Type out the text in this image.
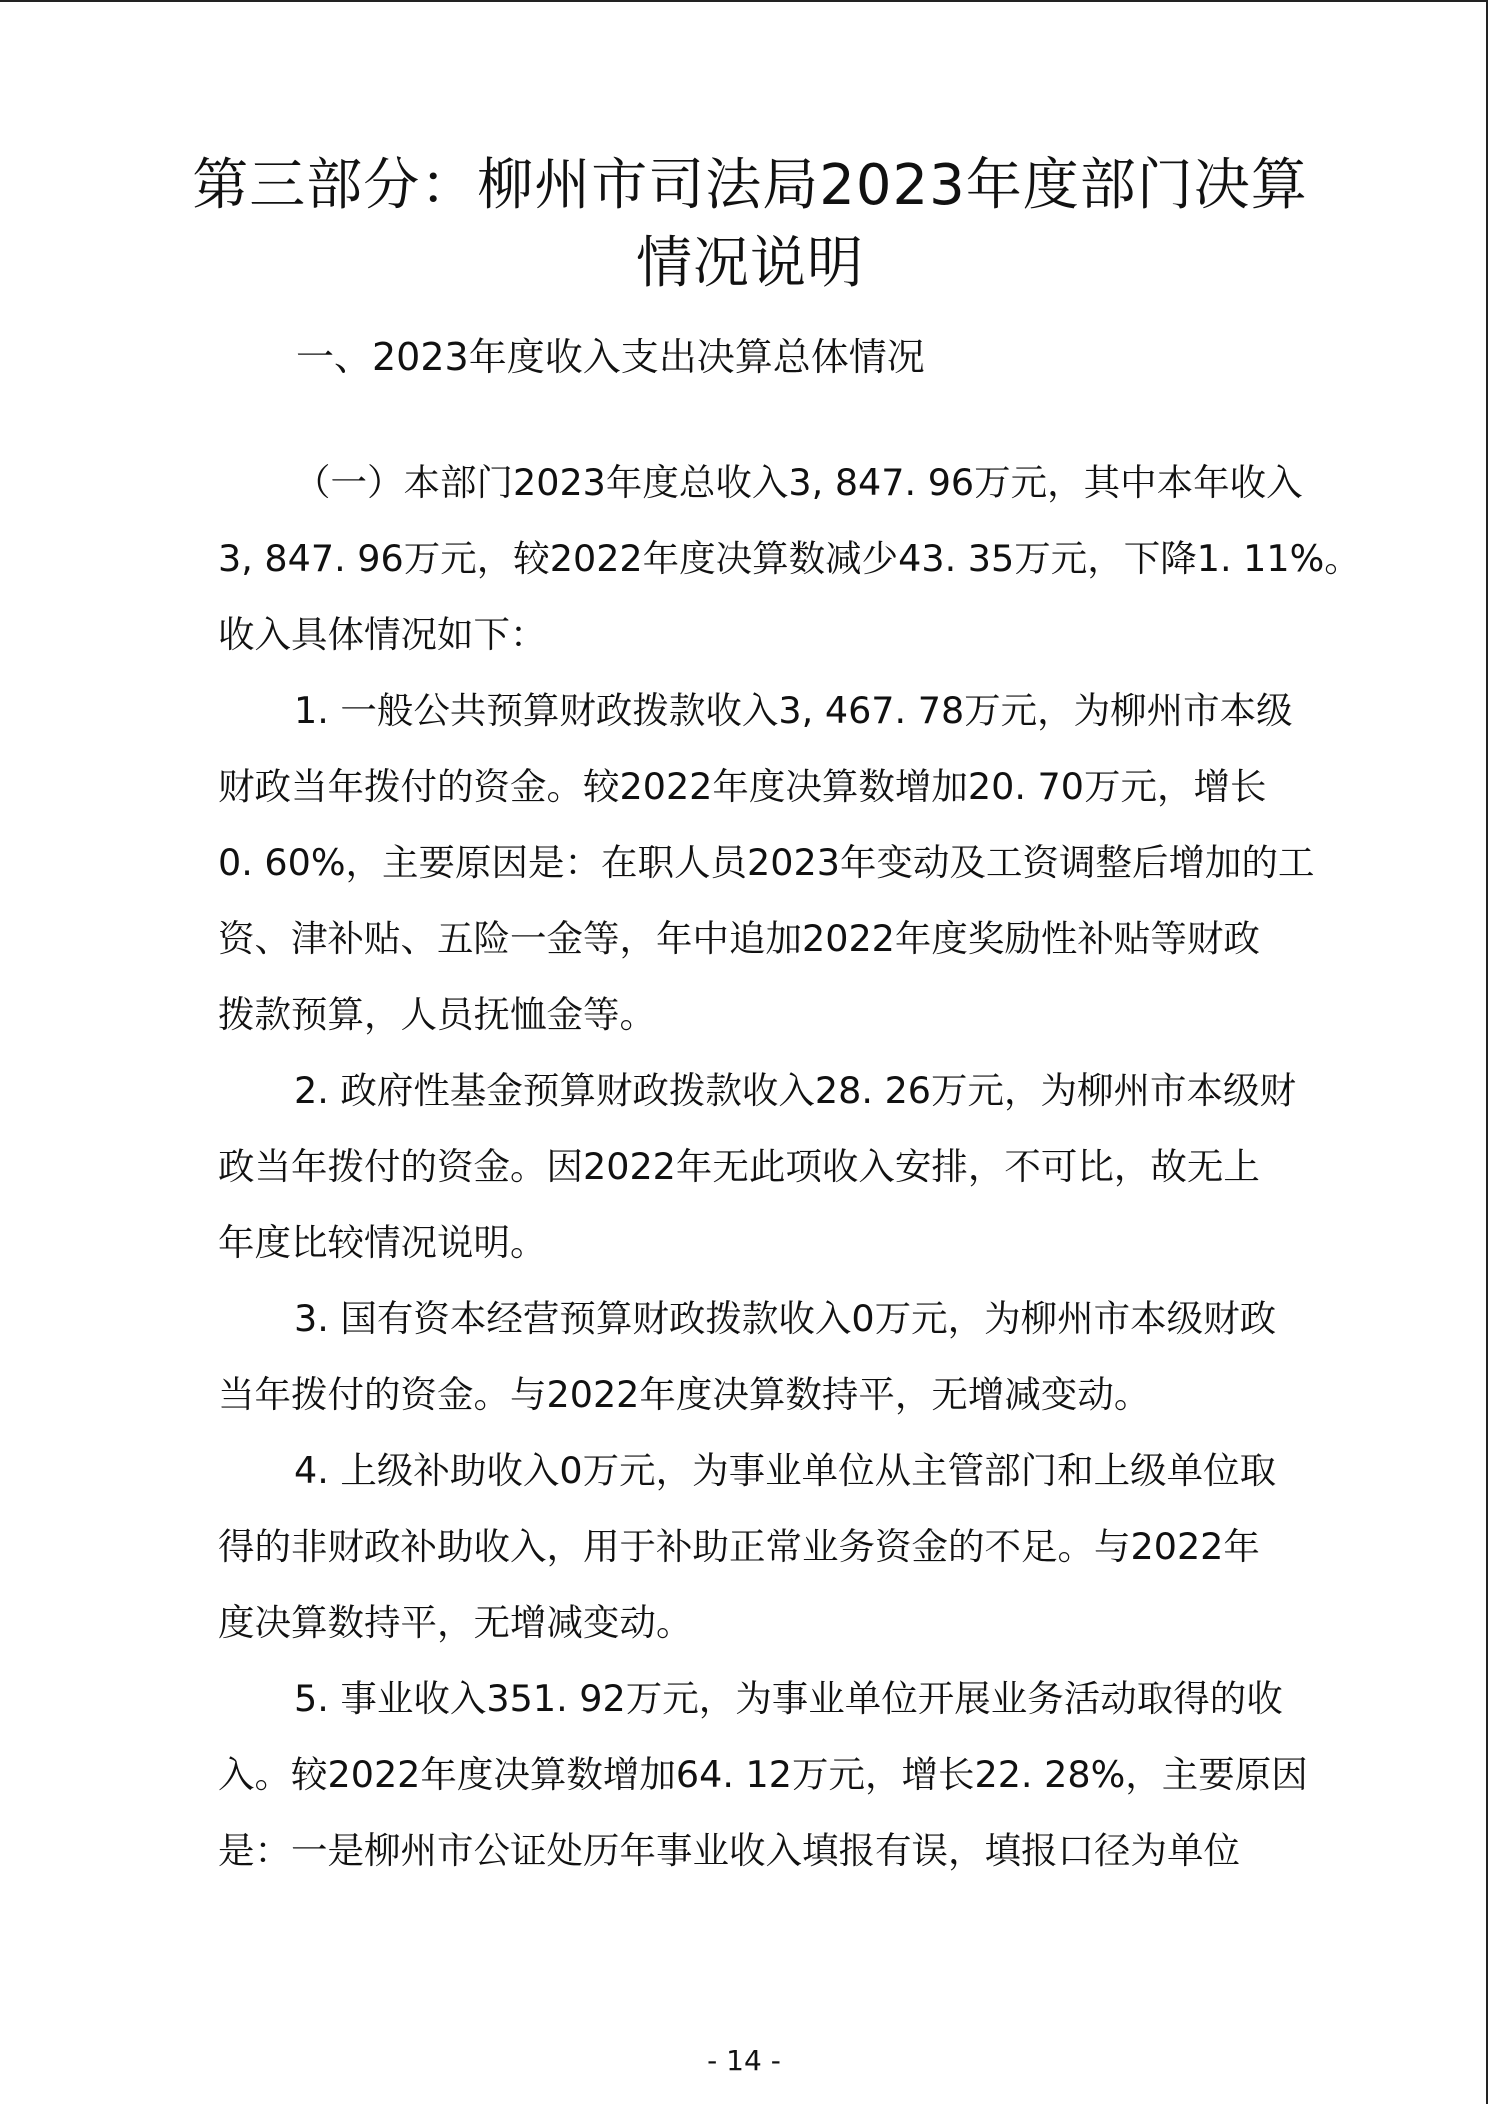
第三部分：柳州市司法局2023年度部门决算
情况说明
一、2023年度收入支出决算总体情况

（一）本部门2023年度总收入3, 847. 96万元，其中本年收入
3, 847. 96万元，较2022年度决算数减少43. 35万元，下降1. 11%。
收入具体情况如下：

1. 一般公共预算财政拨款收入3, 467. 78万元，为柳州市本级
财政当年拨付的资金。较2022年度决算数增加20. 70万元，增长
0. 60%，主要原因是：在职人员2023年变动及工资调整后增加的工
资、津补贴、五险一金等，年中追加2022年度奖励性补贴等财政
拨款预算，人员抚恤金等。

2. 政府性基金预算财政拨款收入28. 26万元，为柳州市本级财
政当年拨付的资金。因2022年无此项收入安排，不可比，故无上
年度比较情况说明。

3. 国有资本经营预算财政拨款收入0万元，为柳州市本级财政
当年拨付的资金。与2022年度决算数持平，无增减变动。

4. 上级补助收入0万元，为事业单位从主管部门和上级单位取
得的非财政补助收入，用于补助正常业务资金的不足。与2022年
度决算数持平，无增减变动。

5. 事业收入351. 92万元，为事业单位开展业务活动取得的收
入。较2022年度决算数增加64. 12万元，增长22. 28%，主要原因
是：一是柳州市公证处历年事业收入填报有误，填报口径为单位

- 14 -
